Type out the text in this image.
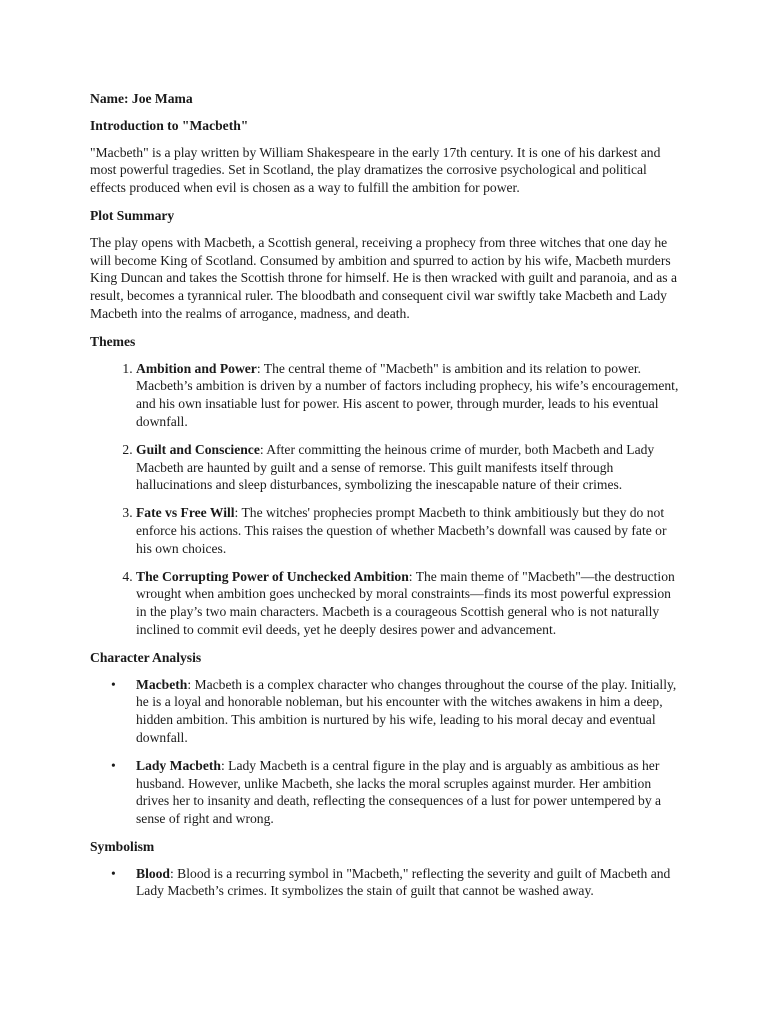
Name: Joe Mama

Introduction to "Macbeth"

"Macbeth" is a play written by William Shakespeare in the early 17th century. It is one of his darkest and most powerful tragedies. Set in Scotland, the play dramatizes the corrosive psychological and political effects produced when evil is chosen as a way to fulfill the ambition for power.

Plot Summary

The play opens with Macbeth, a Scottish general, receiving a prophecy from three witches that one day he will become King of Scotland. Consumed by ambition and spurred to action by his wife, Macbeth murders King Duncan and takes the Scottish throne for himself. He is then wracked with guilt and paranoia, and as a result, becomes a tyrannical ruler. The bloodbath and consequent civil war swiftly take Macbeth and Lady Macbeth into the realms of arrogance, madness, and death.

Themes

1. Ambition and Power: The central theme of "Macbeth" is ambition and its relation to power. Macbeth’s ambition is driven by a number of factors including prophecy, his wife’s encouragement, and his own insatiable lust for power. His ascent to power, through murder, leads to his eventual downfall.
2. Guilt and Conscience: After committing the heinous crime of murder, both Macbeth and Lady Macbeth are haunted by guilt and a sense of remorse. This guilt manifests itself through hallucinations and sleep disturbances, symbolizing the inescapable nature of their crimes.
3. Fate vs Free Will: The witches' prophecies prompt Macbeth to think ambitiously but they do not enforce his actions. This raises the question of whether Macbeth’s downfall was caused by fate or his own choices.
4. The Corrupting Power of Unchecked Ambition: The main theme of "Macbeth"—the destruction wrought when ambition goes unchecked by moral constraints—finds its most powerful expression in the play’s two main characters. Macbeth is a courageous Scottish general who is not naturally inclined to commit evil deeds, yet he deeply desires power and advancement.

Character Analysis

• Macbeth: Macbeth is a complex character who changes throughout the course of the play. Initially, he is a loyal and honorable nobleman, but his encounter with the witches awakens in him a deep, hidden ambition. This ambition is nurtured by his wife, leading to his moral decay and eventual downfall.
• Lady Macbeth: Lady Macbeth is a central figure in the play and is arguably as ambitious as her husband. However, unlike Macbeth, she lacks the moral scruples against murder. Her ambition drives her to insanity and death, reflecting the consequences of a lust for power untempered by a sense of right and wrong.

Symbolism

• Blood: Blood is a recurring symbol in "Macbeth," reflecting the severity and guilt of Macbeth and Lady Macbeth’s crimes. It symbolizes the stain of guilt that cannot be washed away.
